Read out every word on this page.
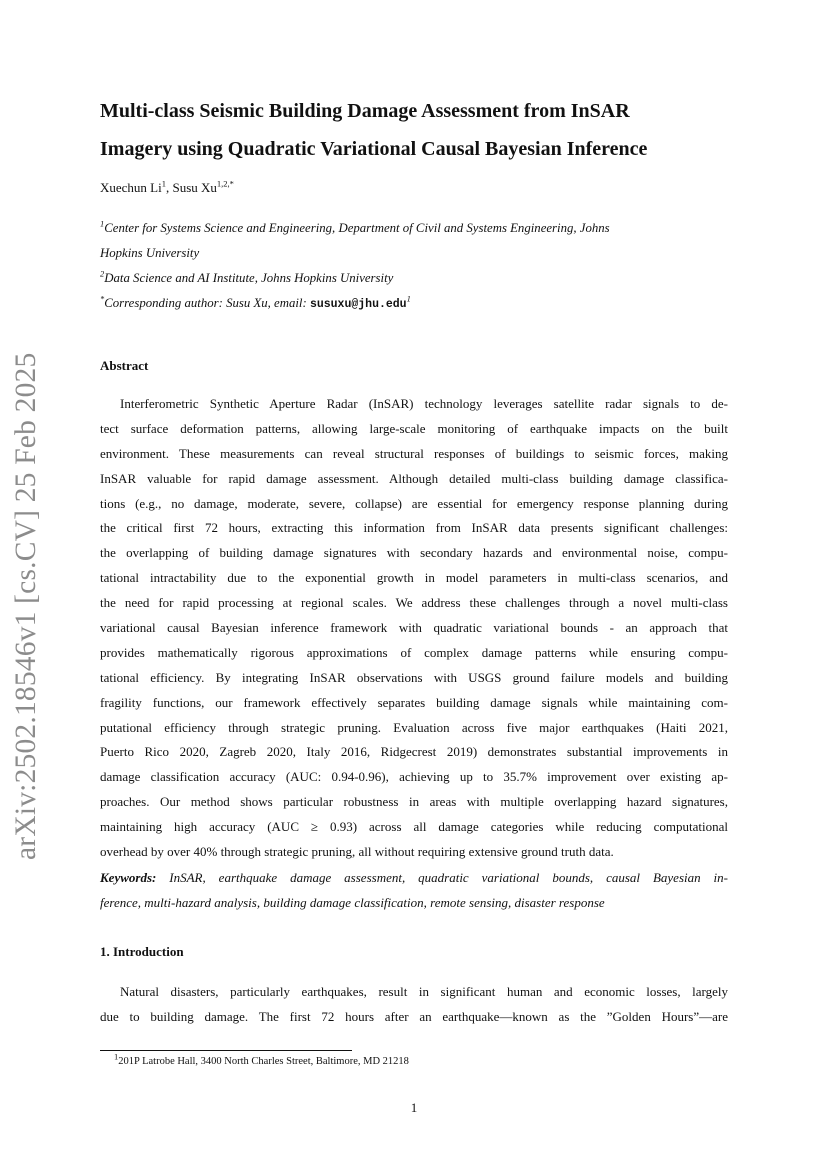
arXiv:2502.18546v1 [cs.CV] 25 Feb 2025
Multi-class Seismic Building Damage Assessment from InSAR
Imagery using Quadratic Variational Causal Bayesian Inference
Xuechun Li$^1$, Susu $Xu^{1,2,*}$
$^1$Center for Systems Science and Engineering, Department of Civil and Systems Engineering, Johns
Hopkins University
$^2$Data Science and AI Institute, Johns Hopkins University
*Corresponding author: Susu Xu, email: susuxu@jhu.edu$^1$
Abstract
Interferometric Synthetic Aperture Radar (InSAR) technology leverages satellite radar signals to de-
tect surface deformation patterns, allowing large-scale monitoring of earthquake impacts on the built
environment. These measurements can reveal structural responses of buildings to seismic forces, making
InSAR valuable for rapid damage assessment. Although detailed multi-class building damage classifica-
tions (e.g., no damage, moderate, severe, collapse) are essential for emergency response planning during
the critical first 72 hours, extracting this information from InSAR data presents significant challenges:
the overlapping of building damage signatures with secondary hazards and environmental noise, compu-
tational intractability due to the exponential growth in model parameters in multi-class scenarios, and
the need for rapid processing at regional scales. We address these challenges through a novel multi-class
variational causal Bayesian inference framework with quadratic variational bounds - an approach that
provides mathematically rigorous approximations of complex damage patterns while ensuring compu-
tational efficiency. By integrating InSAR observations with USGS ground failure models and building
fragility functions, our framework effectively separates building damage signals while maintaining com-
putational efficiency through strategic pruning. Evaluation across five major earthquakes (Haiti 2021,
Puerto Rico 2020, Zagreb 2020, Italy 2016, Ridgecrest 2019) demonstrates substantial improvements in
damage classification accuracy (AUC: 0.94-0.96), achieving up to 35.7% improvement over existing ap-
proaches. Our method shows particular robustness in areas with multiple overlapping hazard signatures,
maintaining high accuracy (AUC ≥ 0.93) across all damage categories while reducing computational
overhead by over 40% through strategic pruning, all without requiring extensive ground truth data.
Keywords: InSAR, earthquake damage assessment, quadratic variational bounds, causal Bayesian in-
ference, multi-hazard analysis, building damage classification, remote sensing, disaster response
1. Introduction
Natural disasters, particularly earthquakes, result in significant human and economic losses, largely
due to building damage. The first 72 hours after an earthquake—known as the ”Golden Hours”—are
$^1$201P Latrobe Hall, 3400 North Charles Street, Baltimore, MD 21218
1
